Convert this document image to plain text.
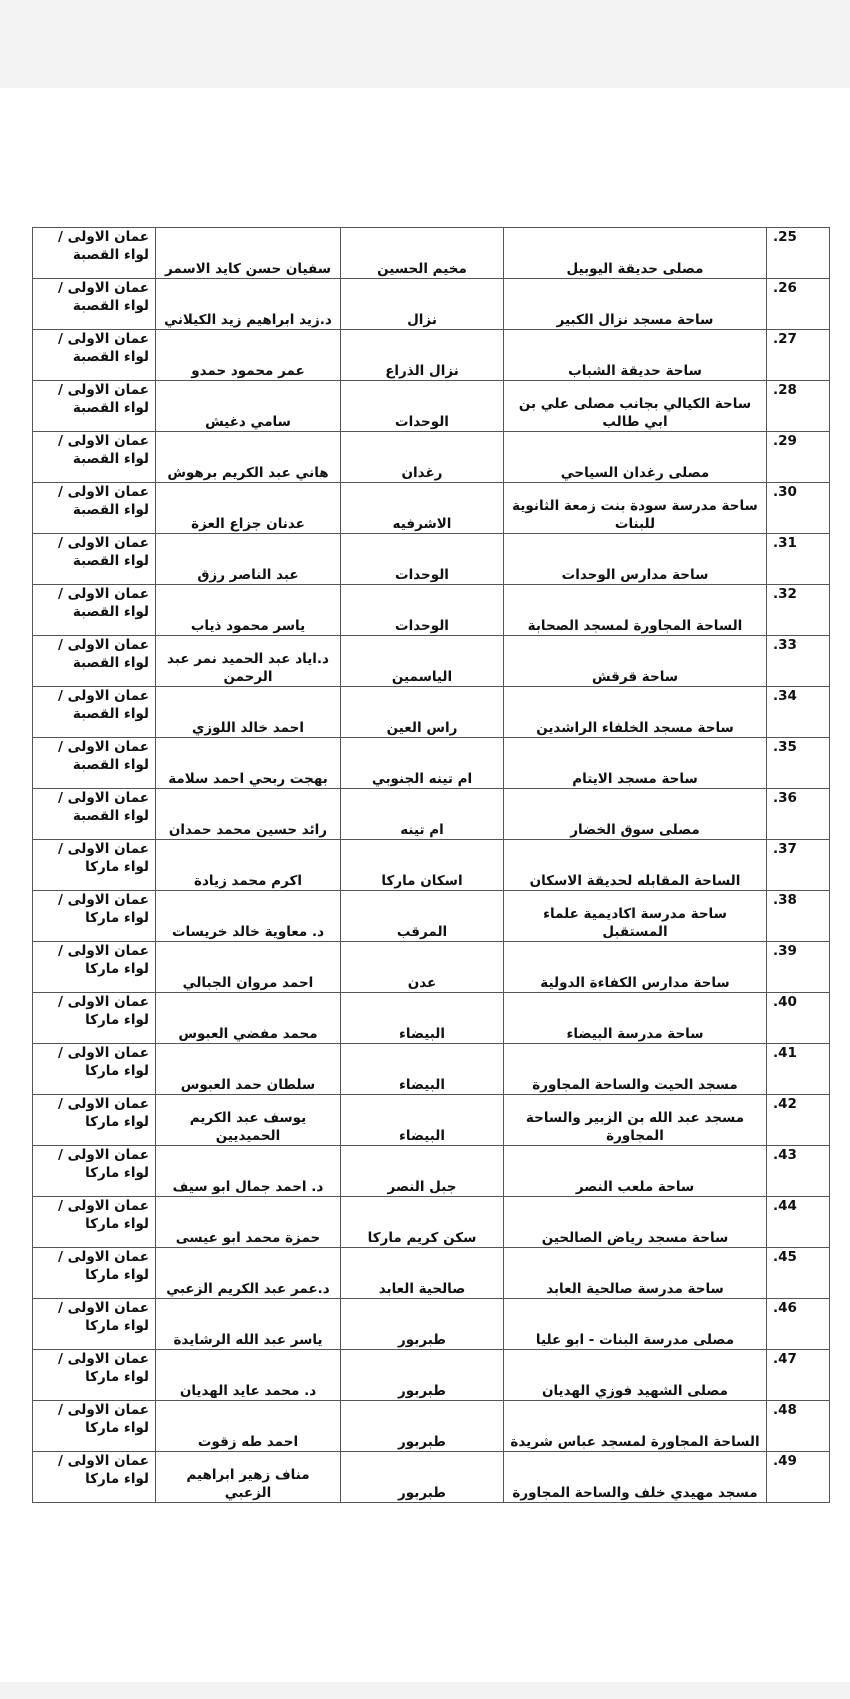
عمان الاولى /
لواء القصبة	سفيان حسن كايد الاسمر	مخيم الحسين	مصلى حديقة اليوبيل	25.

عمان الاولى /
لواء القصبة	د.زيد ابراهيم زيد الكيلاني	نزال	ساحة مسجد نزال الكبير	26.

عمان الاولى /
لواء القصبة	عمر محمود حمدو	نزال الذراع	ساحة حديقة الشباب	27.

عمان الاولى /
لواء القصبة	سامي دغيش	الوحدات	ساحة الكيالي بجانب مصلى علي بن ابي طالب	28.

عمان الاولى /
لواء القصبة	هاني عبد الكريم برهوش	رغدان	مصلى رغدان السياحي	29.

عمان الاولى /
لواء القصبة	عدنان جزاع العزة	الاشرفيه	ساحة مدرسة سودة بنت زمعة الثانوية للبنات	30.

عمان الاولى /
لواء القصبة	عبد الناصر رزق	الوحدات	ساحة مدارس الوحدات	31.

عمان الاولى /
لواء القصبة	ياسر محمود ذياب	الوحدات	الساحة المجاورة لمسجد الصحابة	32.

عمان الاولى /
لواء القصبة	د.اياد عبد الحميد نمر عبد الرحمن	الياسمين	ساحة قرقش	33.

عمان الاولى /
لواء القصبة	احمد خالد اللوزي	راس العين	ساحة مسجد الخلفاء الراشدين	34.

عمان الاولى /
لواء القصبة	بهجت ربحي احمد سلامة	ام تينه الجنوبي	ساحة مسجد الايتام	35.

عمان الاولى /
لواء القصبة	رائد حسين محمد حمدان	ام تينه	مصلى سوق الخضار	36.

عمان الاولى /
لواء ماركا	اكرم محمد زيادة	اسكان ماركا	الساحة المقابله لحديقة الاسكان	37.

عمان الاولى /
لواء ماركا	د. معاوية خالد خريسات	المرقب	ساحة مدرسة اكاديمية علماء المستقبل	38.

عمان الاولى /
لواء ماركا	احمد مروان الجبالي	عدن	ساحة مدارس الكفاءة الدولية	39.

عمان الاولى /
لواء ماركا	محمد مفضي العبوس	البيضاء	ساحة مدرسة البيضاء	40.

عمان الاولى /
لواء ماركا	سلطان حمد العبوس	البيضاء	مسجد الحيت والساحة المجاورة	41.

عمان الاولى /
لواء ماركا	يوسف عبد الكريم الحميديين	البيضاء	مسجد عبد الله بن الزبير والساحة المجاورة	42.

عمان الاولى /
لواء ماركا	د. احمد جمال ابو سيف	جبل النصر	ساحة ملعب النصر	43.

عمان الاولى /
لواء ماركا	حمزة محمد ابو عيسى	سكن كريم ماركا	ساحة مسجد رياض الصالحين	44.

عمان الاولى /
لواء ماركا	د.عمر عبد الكريم الزعبي	صالحية العابد	ساحة مدرسة صالحية العابد	45.

عمان الاولى /
لواء ماركا	ياسر عبد الله الرشايدة	طبربور	مصلى مدرسة البنات - ابو عليا	46.

عمان الاولى /
لواء ماركا	د. محمد عايد الهديان	طبربور	مصلى الشهيد فوزي الهديان	47.

عمان الاولى /
لواء ماركا	احمد طه زقوت	طبربور	الساحة المجاورة لمسجد عباس شريدة	48.

عمان الاولى /
لواء ماركا	مناف زهير ابراهيم الزعبي	طبربور	مسجد مهيدي خلف والساحة المجاورة	49.
